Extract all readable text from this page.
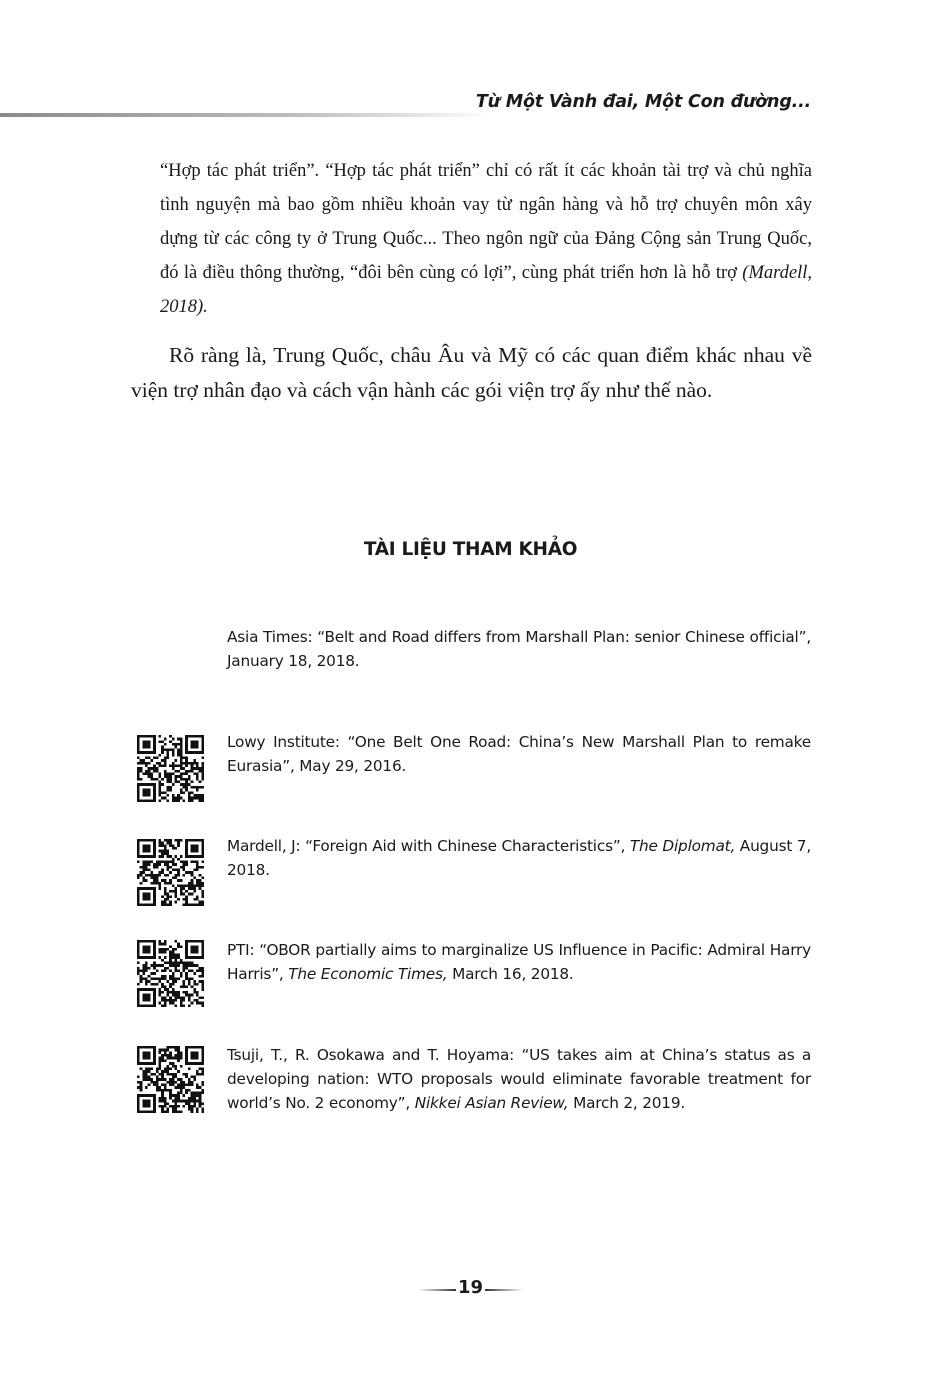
Từ Một Vành đai, Một Con đường...

“Hợp tác phát triển”. “Hợp tác phát triển” chỉ có rất ít các khoản tài trợ và chủ nghĩa tình nguyện mà bao gồm nhiều khoản vay từ ngân hàng và hỗ trợ chuyên môn xây dựng từ các công ty ở Trung Quốc... Theo ngôn ngữ của Đảng Cộng sản Trung Quốc, đó là điều thông thường, “đôi bên cùng có lợi”, cùng phát triển hơn là hỗ trợ (Mardell, 2018).

Rõ ràng là, Trung Quốc, châu Âu và Mỹ có các quan điểm khác nhau về viện trợ nhân đạo và cách vận hành các gói viện trợ ấy như thế nào.

TÀI LIỆU THAM KHẢO

Asia Times: “Belt and Road differs from Marshall Plan: senior Chinese official”, January 18, 2018.

Lowy Institute: “One Belt One Road: China’s New Marshall Plan to remake Eurasia”, May 29, 2016.

Mardell, J: “Foreign Aid with Chinese Characteristics”, The Diplomat, August 7, 2018.

PTI: “OBOR partially aims to marginalize US Influence in Pacific: Admiral Harry Harris”, The Economic Times, March 16, 2018.

Tsuji, T., R. Osokawa and T. Hoyama: “US takes aim at China’s status as a developing nation: WTO proposals would eliminate favorable treatment for world’s No. 2 economy”, Nikkei Asian Review, March 2, 2019.

19
